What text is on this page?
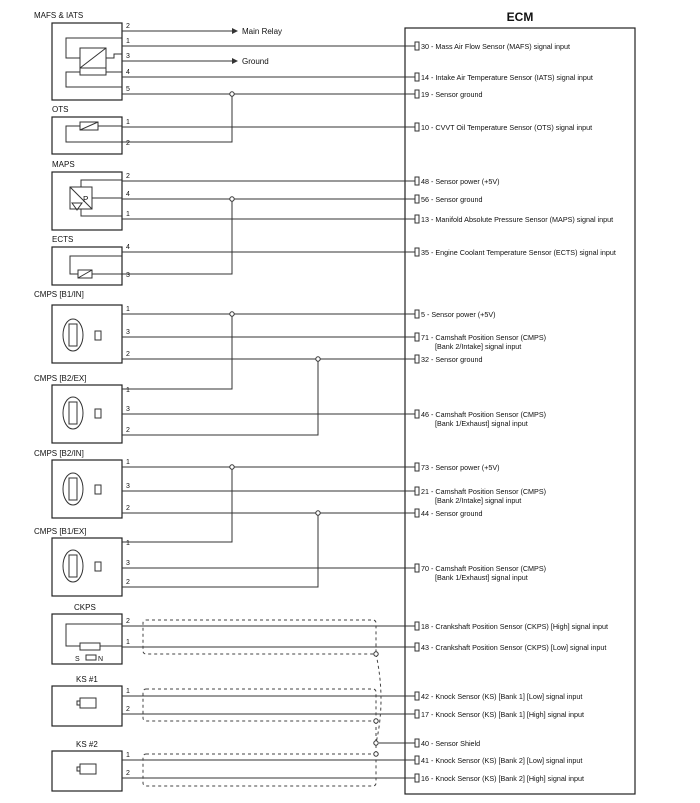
ECM
MAFS & IATS
OTS
MAPS
P
ECTS
CMPS [B1/IN]
CMPS [B2/EX]
CMPS [B2/IN]
CMPS [B1/EX]
CKPS
S	N
KS #1
KS #2
Main Relay
Ground
2
1
3
4
5
1
2
2
4
1
4
3
1
3
2
1
3
2
1
3
2
1
3
2
2
1
1
2
1
2
30 - Mass Air Flow Sensor (MAFS) signal input
14 - Intake Air Temperature Sensor (IATS) signal input
19 - Sensor ground
10 - CVVT Oil Temperature Sensor (OTS) signal input
48 - Sensor power (+5V)
56 - Sensor ground
13 - Manifold Absolute Pressure Sensor (MAPS) signal input
35 - Engine Coolant Temperature Sensor (ECTS) signal input
5 - Sensor power (+5V)
71 - Camshaft Position Sensor (CMPS)
[Bank 2/Intake] signal input
32 - Sensor ground
46 - Camshaft Position Sensor (CMPS)
[Bank 1/Exhaust] signal input
73 - Sensor power (+5V)
21 - Camshaft Position Sensor (CMPS)
[Bank 2/Intake] signal input
44 - Sensor ground
70 - Camshaft Position Sensor (CMPS)
[Bank 1/Exhaust] signal input
18 - Crankshaft Position Sensor (CKPS) [High] signal input
43 - Crankshaft Position Sensor (CKPS) [Low] signal input
42 - Knock Sensor (KS) [Bank 1] [Low] signal input
17 - Knock Sensor (KS) [Bank 1] [High] signal input
40 - Sensor Shield
41 - Knock Sensor (KS) [Bank 2] [Low] signal input
16 - Knock Sensor (KS) [Bank 2] [High] signal input
